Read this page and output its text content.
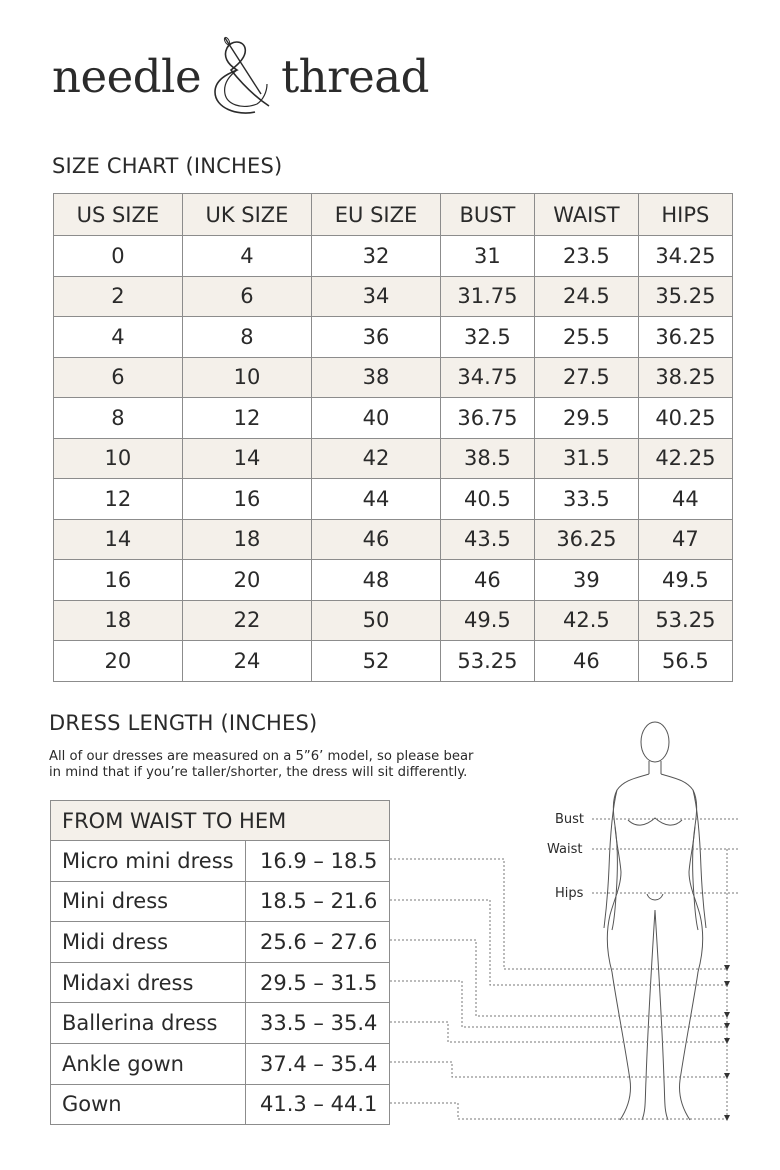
needle thread
SIZE CHART (INCHES)
US SIZE	UK SIZE	EU SIZE	BUST	WAIST	HIPS
0	4	32	31	23.5	34.25
2	6	34	31.75	24.5	35.25
4	8	36	32.5	25.5	36.25
6	10	38	34.75	27.5	38.25
8	12	40	36.75	29.5	40.25
10	14	42	38.5	31.5	42.25
12	16	44	40.5	33.5	44
14	18	46	43.5	36.25	47
16	20	48	46	39	49.5
18	22	50	49.5	42.5	53.25
20	24	52	53.25	46	56.5
DRESS LENGTH (INCHES)
All of our dresses are measured on a 5”6’ model, so please bear
in mind that if you’re taller/shorter, the dress will sit differently.
FROM WAIST TO HEM	
Micro mini dress	16.9 – 18.5
Mini dress	18.5 – 21.6
Midi dress	25.6 – 27.6
Midaxi dress	29.5 – 31.5
Ballerina dress	33.5 – 35.4
Ankle gown	37.4 – 35.4
Gown	41.3 – 44.1
Bust
Waist
Hips
